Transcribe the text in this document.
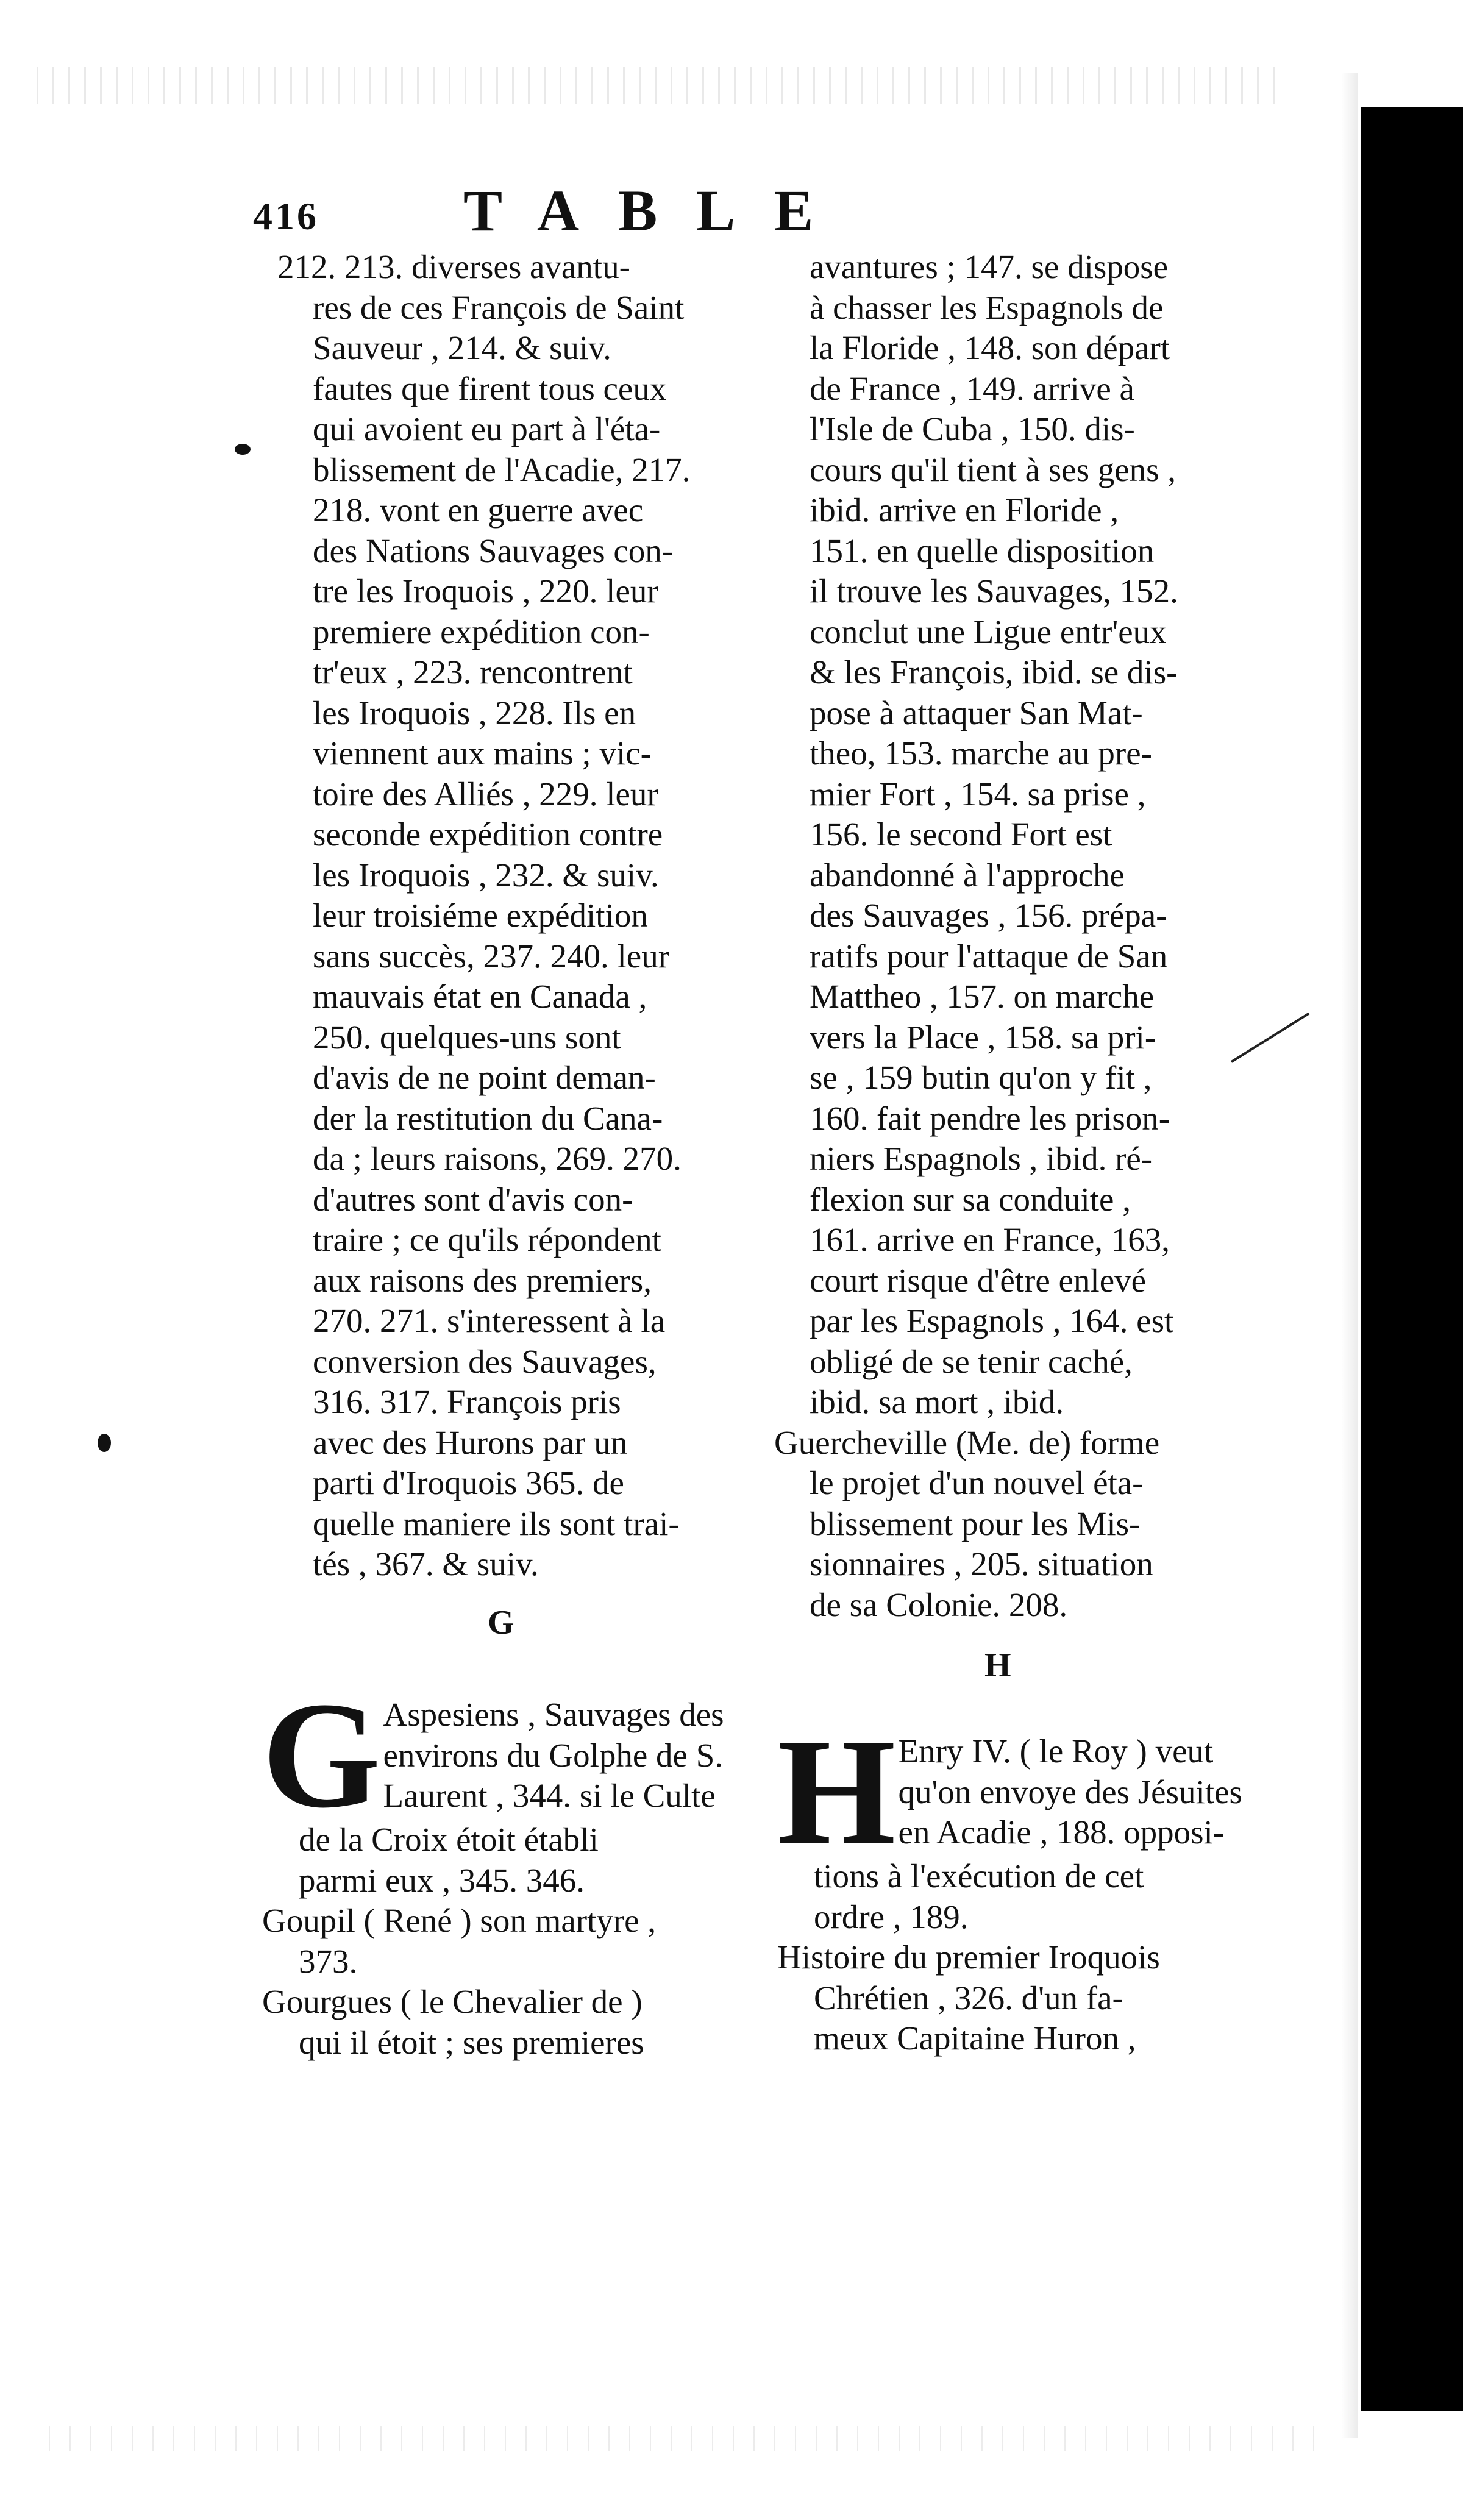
416 TABLE
212. 213. diverses avantu-
res de ces François de Saint
Sauveur , 214. & suiv.
fautes que firent tous ceux
qui avoient eu part à l'éta-
blissement de l'Acadie, 217.
218. vont en guerre avec
des Nations Sauvages con-
tre les Iroquois , 220. leur
premiere expédition con-
tr'eux , 223. rencontrent
les Iroquois , 228. Ils en
viennent aux mains ; vic-
toire des Alliés , 229. leur
seconde expédition contre
les Iroquois , 232. & suiv.
leur troisiéme expédition
sans succès, 237. 240. leur
mauvais état en Canada ,
250. quelques-uns sont
d'avis de ne point deman-
der la restitution du Cana-
da ; leurs raisons, 269. 270.
d'autres sont d'avis con-
traire ; ce qu'ils répondent
aux raisons des premiers,
270. 271. s'interessent à la
conversion des Sauvages,
316. 317. François pris
avec des Hurons par un
parti d'Iroquois 365. de
quelle maniere ils sont trai-
tés , 367. & suiv.
avantures ; 147. se dispose
à chasser les Espagnols de
la Floride , 148. son départ
de France , 149. arrive à
l'Isle de Cuba , 150. dis-
cours qu'il tient à ses gens ,
ibid. arrive en Floride ,
151. en quelle disposition
il trouve les Sauvages, 152.
conclut une Ligue entr'eux
& les François, ibid. se dis-
pose à attaquer San Mat-
theo, 153. marche au pre-
mier Fort , 154. sa prise ,
156. le second Fort est
abandonné à l'approche
des Sauvages , 156. prépa-
ratifs pour l'attaque de San
Mattheo , 157. on marche
vers la Place , 158. sa pri-
se , 159 butin qu'on y fit ,
160. fait pendre les prison-
niers Espagnols , ibid. ré-
flexion sur sa conduite ,
161. arrive en France, 163,
court risque d'être enlevé
par les Espagnols , 164. est
obligé de se tenir caché,
ibid. sa mort , ibid.
Guercheville (Me. de) forme
le projet d'un nouvel éta-
blissement pour les Mis-
sionnaires , 205. situation
de sa Colonie. 208.
G
H
G Aspesiens , Sauvages des
environs du Golphe de S.
Laurent , 344. si le Culte
de la Croix étoit établi
parmi eux , 345. 346.
Goupil ( René ) son martyre ,
373.
Gourgues ( le Chevalier de )
qui il étoit ; ses premieres
H Enry IV. ( le Roy ) veut
qu'on envoye des Jésuites
en Acadie , 188. opposi-
tions à l'exécution de cet
ordre , 189.
Histoire du premier Iroquois
Chrétien , 326. d'un fa-
meux Capitaine Huron ,
